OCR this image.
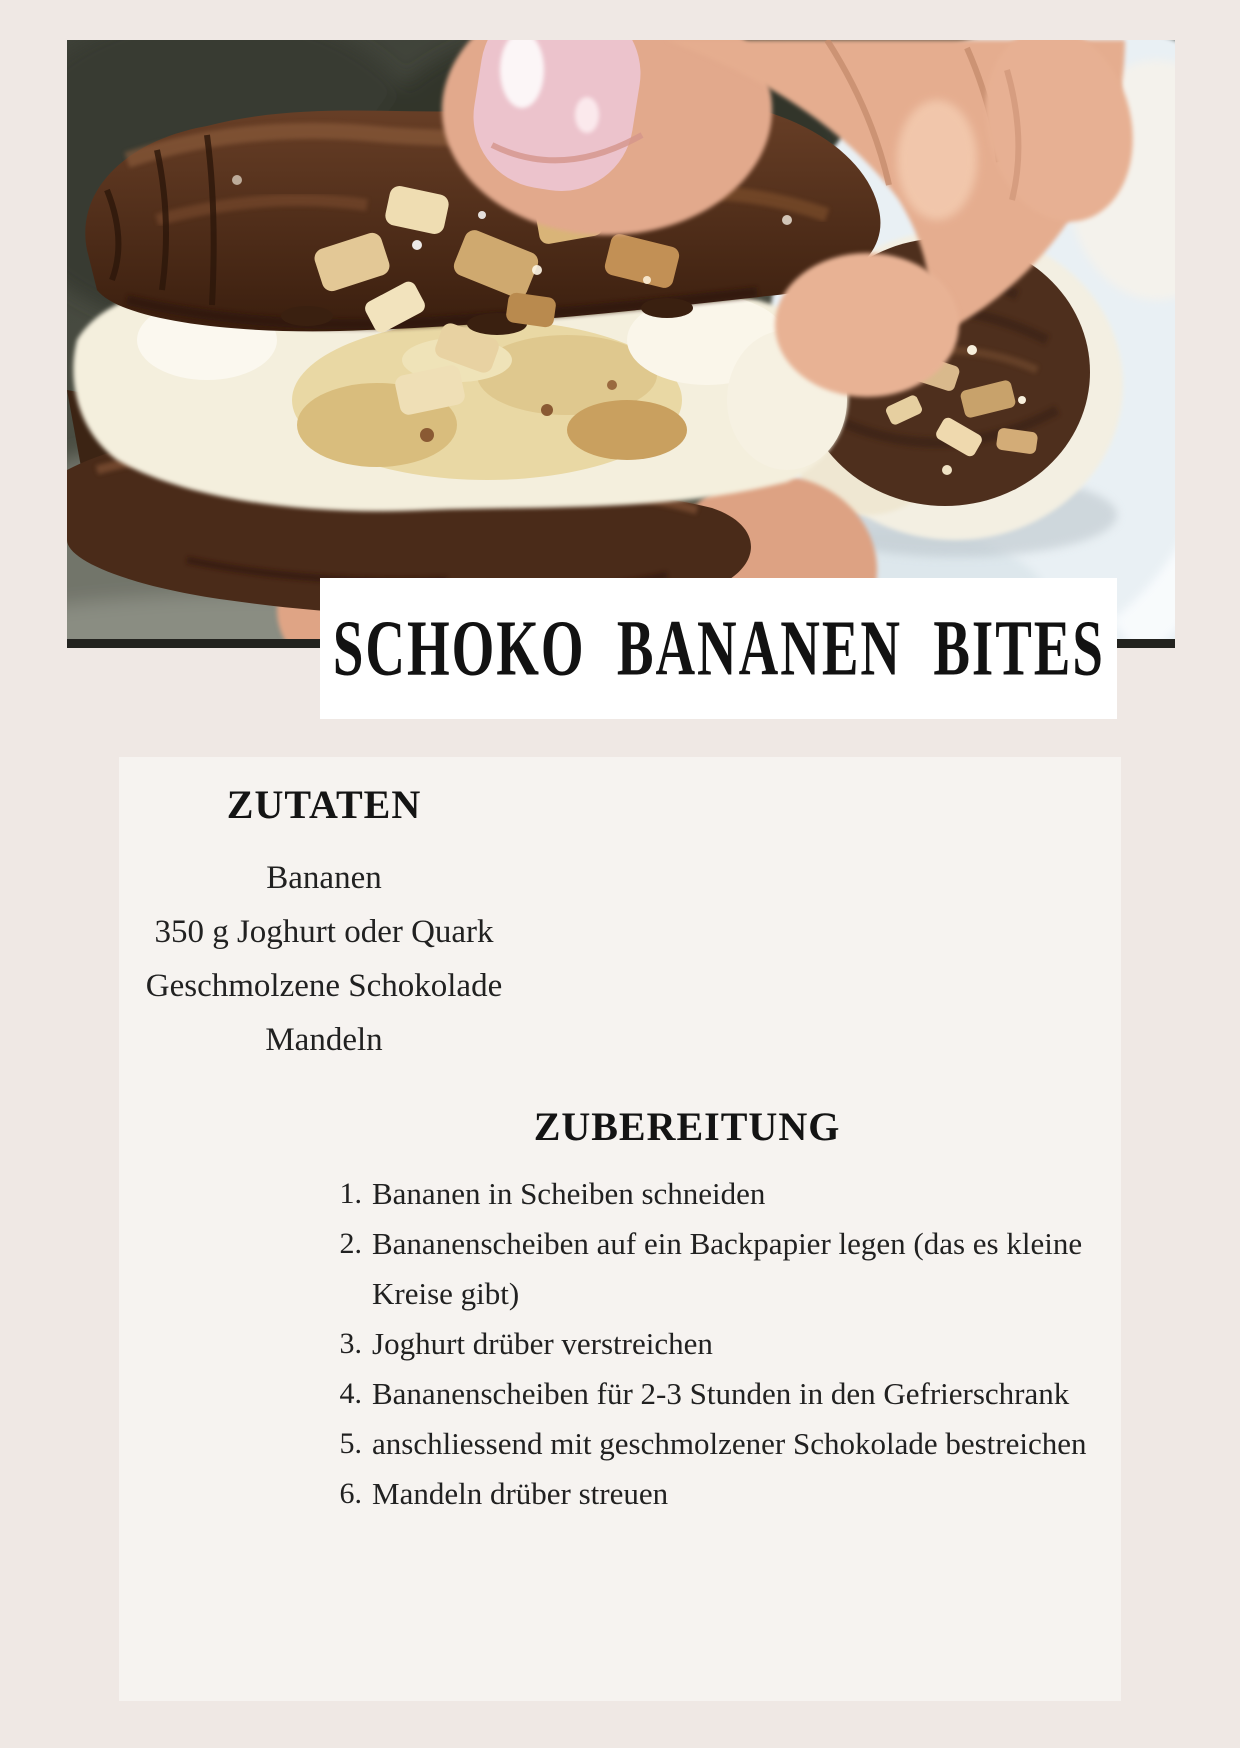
SCHOKO BANANEN BITES
ZUTATEN
Bananen
350 g Joghurt oder Quark
Geschmolzene Schokolade
Mandeln
ZUBEREITUNG
1. Bananen in Scheiben schneiden
2. Bananenscheiben auf ein Backpapier legen (das es kleine Kreise gibt)
3. Joghurt drüber verstreichen
4. Bananenscheiben für 2-3 Stunden in den Gefrierschrank
5. anschliessend mit geschmolzener Schokolade bestreichen
6. Mandeln drüber streuen
